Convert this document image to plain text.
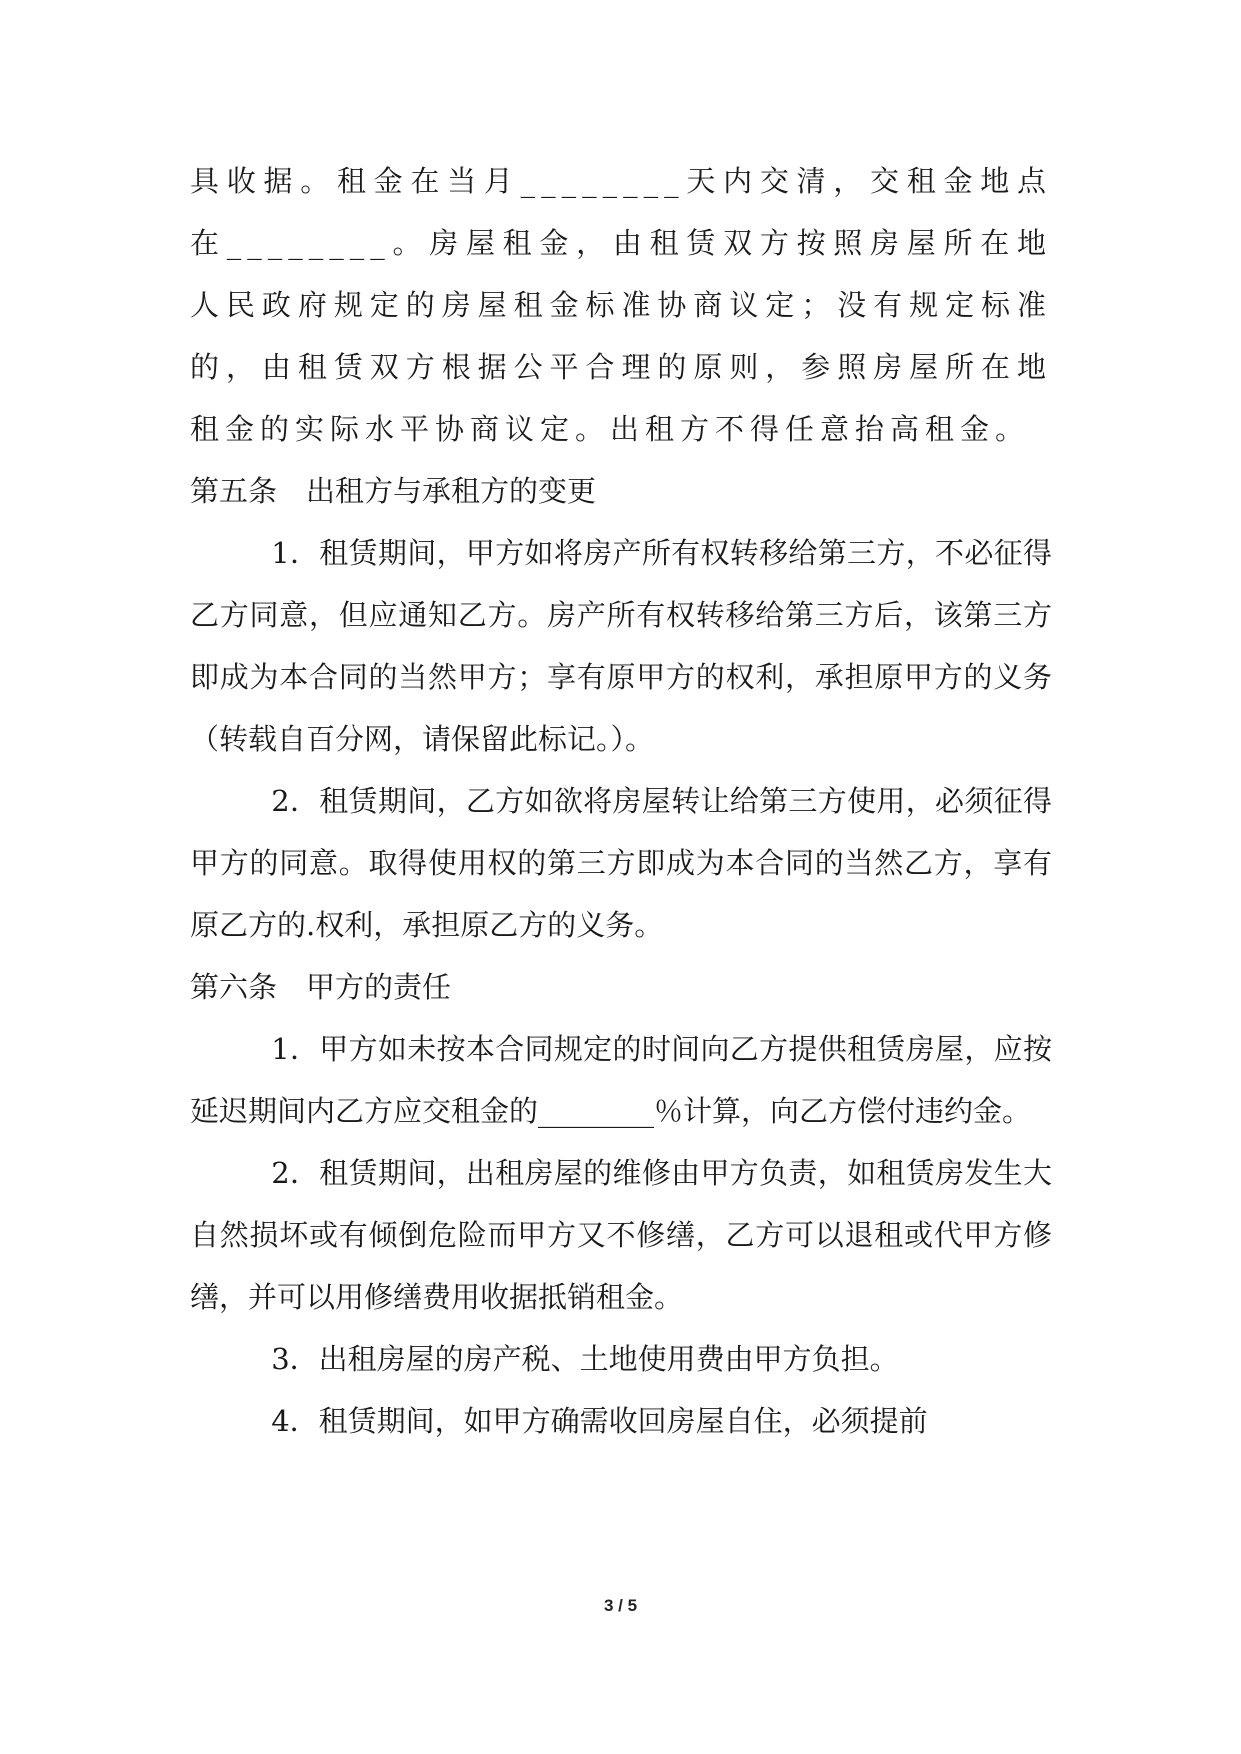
具收据。租金在当月________天内交清，交租金地点在________。房屋租金，由租赁双方按照房屋所在地人民政府规定的房屋租金标准协商议定；没有规定标准的，由租赁双方根据公平合理的原则，参照房屋所在地租金的实际水平协商议定。出租方不得任意抬高租金。

第五条　出租方与承租方的变更

1．租赁期间，甲方如将房产所有权转移给第三方，不必征得乙方同意，但应通知乙方。房产所有权转移给第三方后，该第三方即成为本合同的当然甲方；享有原甲方的权利，承担原甲方的义务（转载自百分网，请保留此标记。）。

2．租赁期间，乙方如欲将房屋转让给第三方使用，必须征得甲方的同意。取得使用权的第三方即成为本合同的当然乙方，享有原乙方的.权利，承担原乙方的义务。

第六条　甲方的责任

1．甲方如未按本合同规定的时间向乙方提供租赁房屋，应按延迟期间内乙方应交租金的________％计算，向乙方偿付违约金。

2．租赁期间，出租房屋的维修由甲方负责，如租赁房发生大自然损坏或有倾倒危险而甲方又不修缮，乙方可以退租或代甲方修缮，并可以用修缮费用收据抵销租金。

3．出租房屋的房产税、土地使用费由甲方负担。

4．租赁期间，如甲方确需收回房屋自住，必须提前

3 / 5
